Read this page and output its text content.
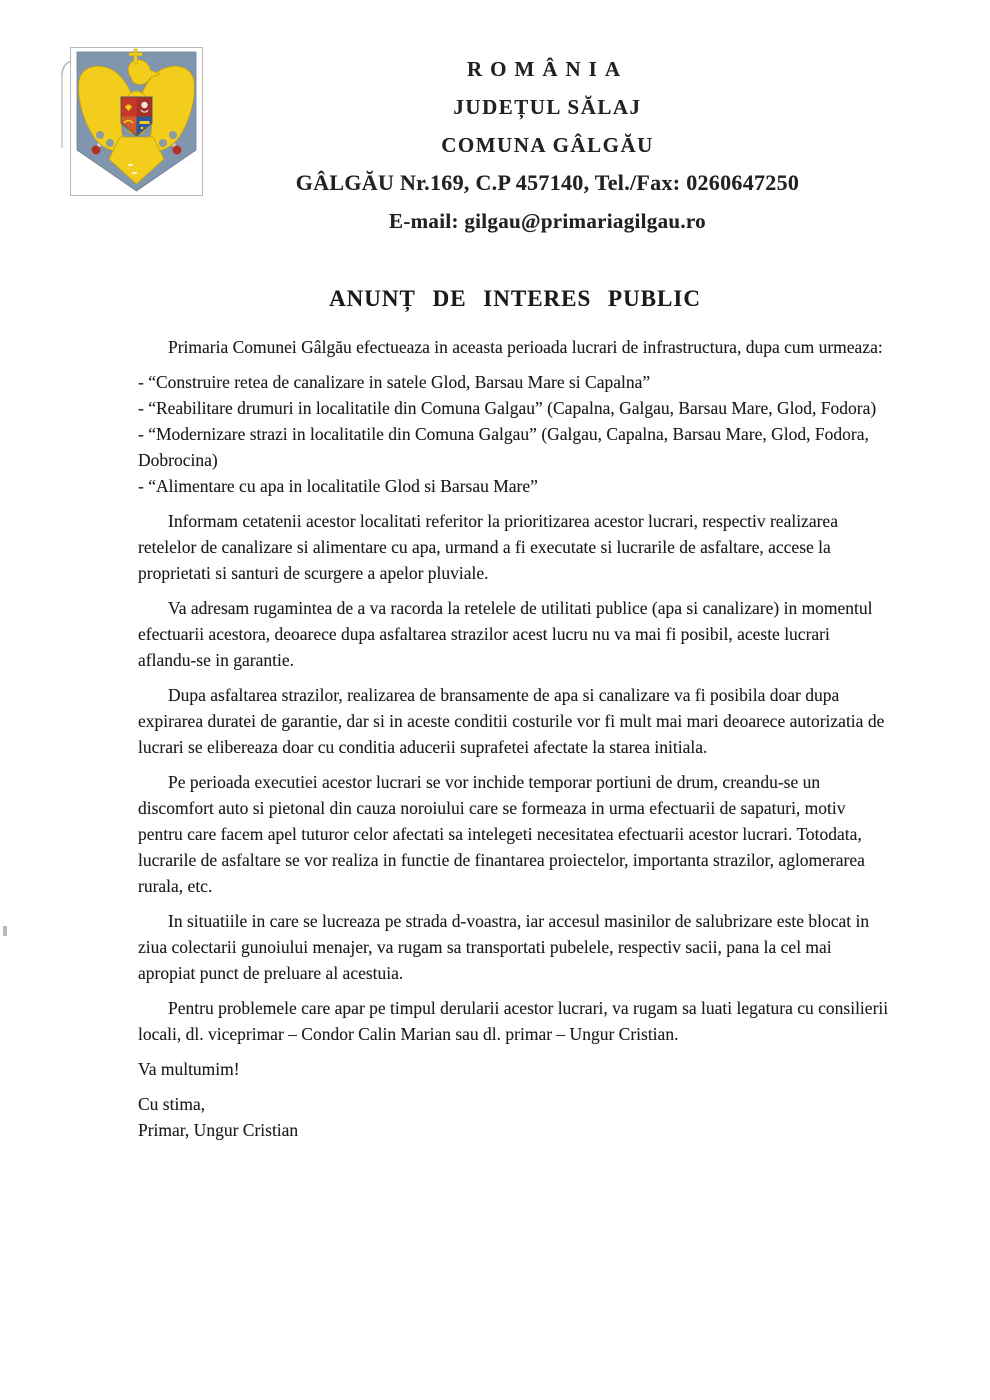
ROMÂNIA
JUDEȚUL SĂLAJ
COMUNA GÂLGĂU
GÂLGĂU Nr.169, C.P 457140, Tel./Fax: 0260647250
E-mail: gilgau@primariagilgau.ro
ANUNȚ DE INTERES PUBLIC

Primaria Comunei Gâlgău efectueaza in aceasta perioada lucrari de infrastructura, dupa cum urmeaza:

- “Construire retea de canalizare in satele Glod, Barsau Mare si Capalna”

- “Reabilitare drumuri in localitatile din Comuna Galgau” (Capalna, Galgau, Barsau Mare, Glod, Fodora)

- “Modernizare strazi in localitatile din Comuna Galgau” (Galgau, Capalna, Barsau Mare, Glod, Fodora, Dobrocina)

- “Alimentare cu apa in localitatile Glod si Barsau Mare”

Informam cetatenii acestor localitati referitor la prioritizarea acestor lucrari, respectiv realizarea retelelor de canalizare si alimentare cu apa, urmand a fi executate si lucrarile de asfaltare, accese la proprietati si santuri de scurgere a apelor pluviale.

Va adresam rugamintea de a va racorda la retelele de utilitati publice (apa si canalizare) in momentul efectuarii acestora, deoarece dupa asfaltarea strazilor acest lucru nu va mai fi posibil, aceste lucrari aflandu-se in garantie.

Dupa asfaltarea strazilor, realizarea de bransamente de apa si canalizare va fi posibila doar dupa expirarea duratei de garantie, dar si in aceste conditii costurile vor fi mult mai mari deoarece autorizatia de lucrari se elibereaza doar cu conditia aducerii suprafetei afectate la starea initiala.

Pe perioada executiei acestor lucrari se vor inchide temporar portiuni de drum, creandu-se un discomfort auto si pietonal din cauza noroiului care se formeaza in urma efectuarii de sapaturi, motiv pentru care facem apel tuturor celor afectati sa intelegeti necesitatea efectuarii acestor lucrari. Totodata, lucrarile de asfaltare se vor realiza in functie de finantarea proiectelor, importanta strazilor, aglomerarea rurala, etc.

In situatiile in care se lucreaza pe strada d-voastra, iar accesul masinilor de salubrizare este blocat in ziua colectarii gunoiului menajer, va rugam sa transportati pubelele, respectiv sacii, pana la cel mai apropiat punct de preluare al acestuia.

Pentru problemele care apar pe timpul derularii acestor lucrari, va rugam sa luati legatura cu consilierii locali, dl. viceprimar – Condor Calin Marian sau dl. primar – Ungur Cristian.

Va multumim!

Cu stima,

Primar, Ungur Cristian
